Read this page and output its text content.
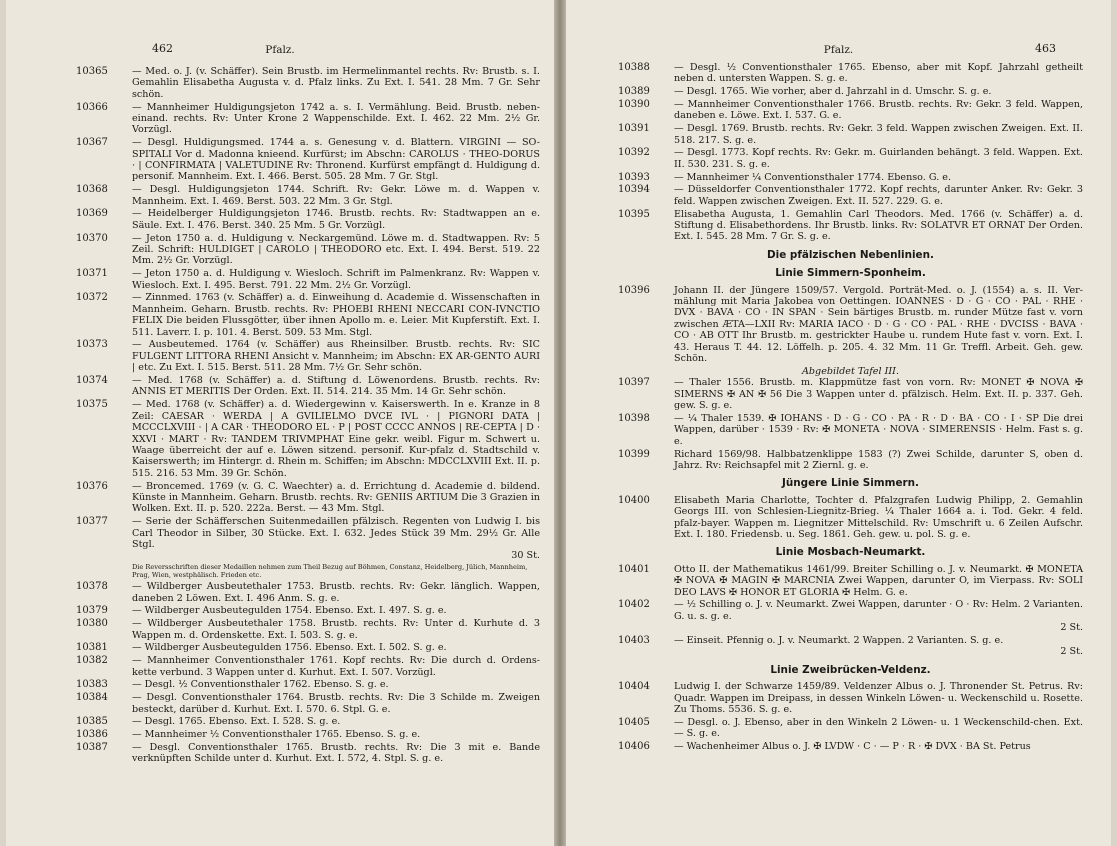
462	Pfalz.
10365	— Med. o. J. (v. Schäffer). Sein Brustb. im Hermelinmantel rechts. Rv: Brustb. s. I. Gemahlin Elisabetha Augusta v. d. Pfalz links. Zu Ext. I. 541. 28 Mm. 7 Gr. Sehr schön.
10366	— Mannheimer Huldigungsjeton 1742 a. s. I. Vermählung. Beid. Brustb. neben-einand. rechts. Rv: Unter Krone 2 Wappenschilde. Ext. I. 462. 22 Mm. 2½ Gr. Vorzügl.
10367	— Desgl. Huldigungsmed. 1744 a. s. Genesung v. d. Blattern. VIRGINI — SO-SPITALI Vor d. Madonna knieend. Kurfürst; im Abschn: CAROLUS · THEO-DORUS · | CONFIRMATA | VALETUDINE Rv: Thronend. Kurfürst empfängt d. Huldigung d. personif. Mannheim. Ext. I. 466. Berst. 505. 28 Mm. 7 Gr. Stgl.
10368	— Desgl. Huldigungsjeton 1744. Schrift. Rv: Gekr. Löwe m. d. Wappen v. Mannheim. Ext. I. 469. Berst. 503. 22 Mm. 3 Gr. Stgl.
10369	— Heidelberger Huldigungsjeton 1746. Brustb. rechts. Rv: Stadtwappen an e. Säule. Ext. I. 476. Berst. 340. 25 Mm. 5 Gr. Vorzügl.
10370	— Jeton 1750 a. d. Huldigung v. Neckargemünd. Löwe m. d. Stadtwappen. Rv: 5 Zeil. Schrift: HULDIGET | CAROLO | THEODORO etc. Ext. I. 494. Berst. 519. 22 Mm. 2½ Gr. Vorzügl.
10371	— Jeton 1750 a. d. Huldigung v. Wiesloch. Schrift im Palmenkranz. Rv: Wappen v. Wiesloch. Ext. I. 495. Berst. 791. 22 Mm. 2½ Gr. Vorzügl.
10372	— Zinnmed. 1763 (v. Schäffer) a. d. Einweihung d. Academie d. Wissenschaften in Mannheim. Geharn. Brustb. rechts. Rv: PHOEBI RHENI NECCARI CON-IVNCTIO FELIX Die beiden Flussgötter, über ihnen Apollo m. e. Leier. Mit Kupferstift. Ext. I. 511. Laverr. I. p. 101. 4. Berst. 509. 53 Mm. Stgl.
10373	— Ausbeutemed. 1764 (v. Schäffer) aus Rheinsilber. Brustb. rechts. Rv: SIC FULGENT LITTORA RHENI Ansicht v. Mannheim; im Abschn: EX AR-GENTO AURI | etc. Zu Ext. I. 515. Berst. 511. 28 Mm. 7½ Gr. Sehr schön.
10374	— Med. 1768 (v. Schäffer) a. d. Stiftung d. Löwenordens. Brustb. rechts. Rv: ANNIS ET MERITIS Der Orden. Ext. II. 514. 214. 35 Mm. 14 Gr. Sehr schön.
10375	— Med. 1768 (v. Schäffer) a. d. Wiedergewinn v. Kaiserswerth. In e. Kranze in 8 Zeil: CAESAR · WERDA | A GVILIELMO DVCE IVL · | PIGNORI DATA | MCCCLXVIII · | A CAR · THEODORO EL · P | POST CCCC ANNOS | RE-CEPTA | D · XXVI · MART · Rv: TANDEM TRIVMPHAT Eine gekr. weibl. Figur m. Schwert u. Waage überreicht der auf e. Löwen sitzend. personif. Kur-pfalz d. Stadtschild v. Kaiserswerth; im Hintergr. d. Rhein m. Schiffen; im Abschn: MDCCLXVIII Ext. II. p. 515. 216. 53 Mm. 39 Gr. Schön.
10376	— Broncemed. 1769 (v. G. C. Waechter) a. d. Errichtung d. Academie d. bildend. Künste in Mannheim. Geharn. Brustb. rechts. Rv: GENIIS ARTIUM Die 3 Grazien in Wolken. Ext. II. p. 520. 222a. Berst. — 43 Mm. Stgl.
10377	— Serie der Schäfferschen Suitenmedaillen pfälzisch. Regenten von Ludwig I. bis Carl Theodor in Silber, 30 Stücke. Ext. I. 632. Jedes Stück 39 Mm. 29½ Gr. Alle Stgl.
30 St.
Die Reversschriften dieser Medaillen nehmen zum Theil Bezug auf Böhmen, Constanz, Heidelberg, Jülich, Mannheim, Prag, Wien, westphälisch. Frieden etc.
10378	— Wildberger Ausbeutethaler 1753. Brustb. rechts. Rv: Gekr. länglich. Wappen, daneben 2 Löwen. Ext. I. 496 Anm. S. g. e.
10379	— Wildberger Ausbeutegulden 1754. Ebenso. Ext. I. 497. S. g. e.
10380	— Wildberger Ausbeutethaler 1758. Brustb. rechts. Rv: Unter d. Kurhute d. 3 Wappen m. d. Ordenskette. Ext. I. 503. S. g. e.
10381	— Wildberger Ausbeutegulden 1756. Ebenso. Ext. I. 502. S. g. e.
10382	— Mannheimer Conventionsthaler 1761. Kopf rechts. Rv: Die durch d. Ordens-kette verbund. 3 Wappen unter d. Kurhut. Ext. I. 507. Vorzügl.
10383	— Desgl. ½ Conventionsthaler 1762. Ebenso. S. g. e.
10384	— Desgl. Conventionsthaler 1764. Brustb. rechts. Rv: Die 3 Schilde m. Zweigen besteckt, darüber d. Kurhut. Ext. I. 570. 6. Stpl. G. e.
10385	— Desgl. 1765. Ebenso. Ext. I. 528. S. g. e.
10386	— Mannheimer ½ Conventionsthaler 1765. Ebenso. S. g. e.
10387	— Desgl. Conventionsthaler 1765. Brustb. rechts. Rv: Die 3 mit e. Bande verknüpften Schilde unter d. Kurhut. Ext. I. 572, 4. Stpl. S. g. e.
Pfalz.	463
10388	— Desgl. ½ Conventionsthaler 1765. Ebenso, aber mit Kopf. Jahrzahl getheilt neben d. untersten Wappen. S. g. e.
10389	— Desgl. 1765. Wie vorher, aber d. Jahrzahl in d. Umschr. S. g. e.
10390	— Mannheimer Conventionsthaler 1766. Brustb. rechts. Rv: Gekr. 3 feld. Wappen, daneben e. Löwe. Ext. I. 537. G. e.
10391	— Desgl. 1769. Brustb. rechts. Rv: Gekr. 3 feld. Wappen zwischen Zweigen. Ext. II. 518. 217. S. g. e.
10392	— Desgl. 1773. Kopf rechts. Rv: Gekr. m. Guirlanden behängt. 3 feld. Wappen. Ext. II. 530. 231. S. g. e.
10393	— Mannheimer ¼ Conventionsthaler 1774. Ebenso. G. e.
10394	— Düsseldorfer Conventionsthaler 1772. Kopf rechts, darunter Anker. Rv: Gekr. 3 feld. Wappen zwischen Zweigen. Ext. II. 527. 229. G. e.
10395	Elisabetha Augusta, 1. Gemahlin Carl Theodors. Med. 1766 (v. Schäffer) a. d. Stiftung d. Elisabethordens. Ihr Brustb. links. Rv: SOLATVR ET ORNAT Der Orden. Ext. I. 545. 28 Mm. 7 Gr. S. g. e.
Die pfälzischen Nebenlinien.
Linie Simmern-Sponheim.
10396	Johann II. der Jüngere 1509/57. Vergold. Porträt-Med. o. J. (1554) a. s. II. Ver-mählung mit Maria Jakobea von Oettingen. IOANNES · D · G · CO · PAL · RHE · DVX · BAVA · CO · IN SPAN · Sein bärtiges Brustb. m. runder Mütze fast v. vorn zwischen ÆTA—LXII Rv: MARIA IACO · D · G · CO · PAL · RHE · DVCISS · BAVA · CO · AB OTT Ihr Brustb. m. gestrickter Haube u. rundem Hute fast v. vorn. Ext. I. 43. Heraus T. 44. 12. Löffelh. p. 205. 4. 32 Mm. 11 Gr. Treffl. Arbeit. Geh. gew. Schön.
Abgebildet Tafel III.
10397	— Thaler 1556. Brustb. m. Klappmütze fast von vorn. Rv: MONET ✠ NOVA ✠ SIMERNS ✠ AN ✠ 56 Die 3 Wappen unter d. pfälzisch. Helm. Ext. II. p. 337. Geh. gew. S. g. e.
10398	— ¼ Thaler 1539. ✠ IOHANS · D · G · CO · PA · R · D · BA · CO · I · SP Die drei Wappen, darüber · 1539 · Rv: ✠ MONETA · NOVA · SIMERENSIS · Helm. Fast s. g. e.
10399	Richard 1569/98. Halbbatzenklippe 1583 (?) Zwei Schilde, darunter S, oben d. Jahrz. Rv: Reichsapfel mit 2 Ziernl. g. e.
Jüngere Linie Simmern.
10400	Elisabeth Maria Charlotte, Tochter d. Pfalzgrafen Ludwig Philipp, 2. Gemahlin Georgs III. von Schlesien-Liegnitz-Brieg. ¼ Thaler 1664 a. i. Tod. Gekr. 4 feld. pfalz-bayer. Wappen m. Liegnitzer Mittelschild. Rv: Umschrift u. 6 Zeilen Aufschr. Ext. I. 180. Friedensb. u. Seg. 1861. Geh. gew. u. pol. S. g. e.
Linie Mosbach-Neumarkt.
10401	Otto II. der Mathematikus 1461/99. Breiter Schilling o. J. v. Neumarkt. ✠ MONETA ✠ NOVA ✠ MAGIN ✠ MARCNIA Zwei Wappen, darunter O, im Vierpass. Rv: SOLI DEO LAVS ✠ HONOR ET GLORIA ✠ Helm. G. e.
10402	— ½ Schilling o. J. v. Neumarkt. Zwei Wappen, darunter · O · Rv: Helm. 2 Varianten. G. u. s. g. e.
2 St.
10403	— Einseit. Pfennig o. J. v. Neumarkt. 2 Wappen. 2 Varianten. S. g. e.
2 St.
Linie Zweibrücken-Veldenz.
10404	Ludwig I. der Schwarze 1459/89. Veldenzer Albus o. J. Thronender St. Petrus. Rv: Quadr. Wappen im Dreipass, in dessen Winkeln Löwen- u. Weckenschild u. Rosette. Zu Thoms. 5536. S. g. e.
10405	— Desgl. o. J. Ebenso, aber in den Winkeln 2 Löwen- u. 1 Weckenschild-chen. Ext. — S. g. e.
10406	— Wachenheimer Albus o. J. ✠ LVDW · C · — P · R · ✠ DVX · BA St. Petrus
